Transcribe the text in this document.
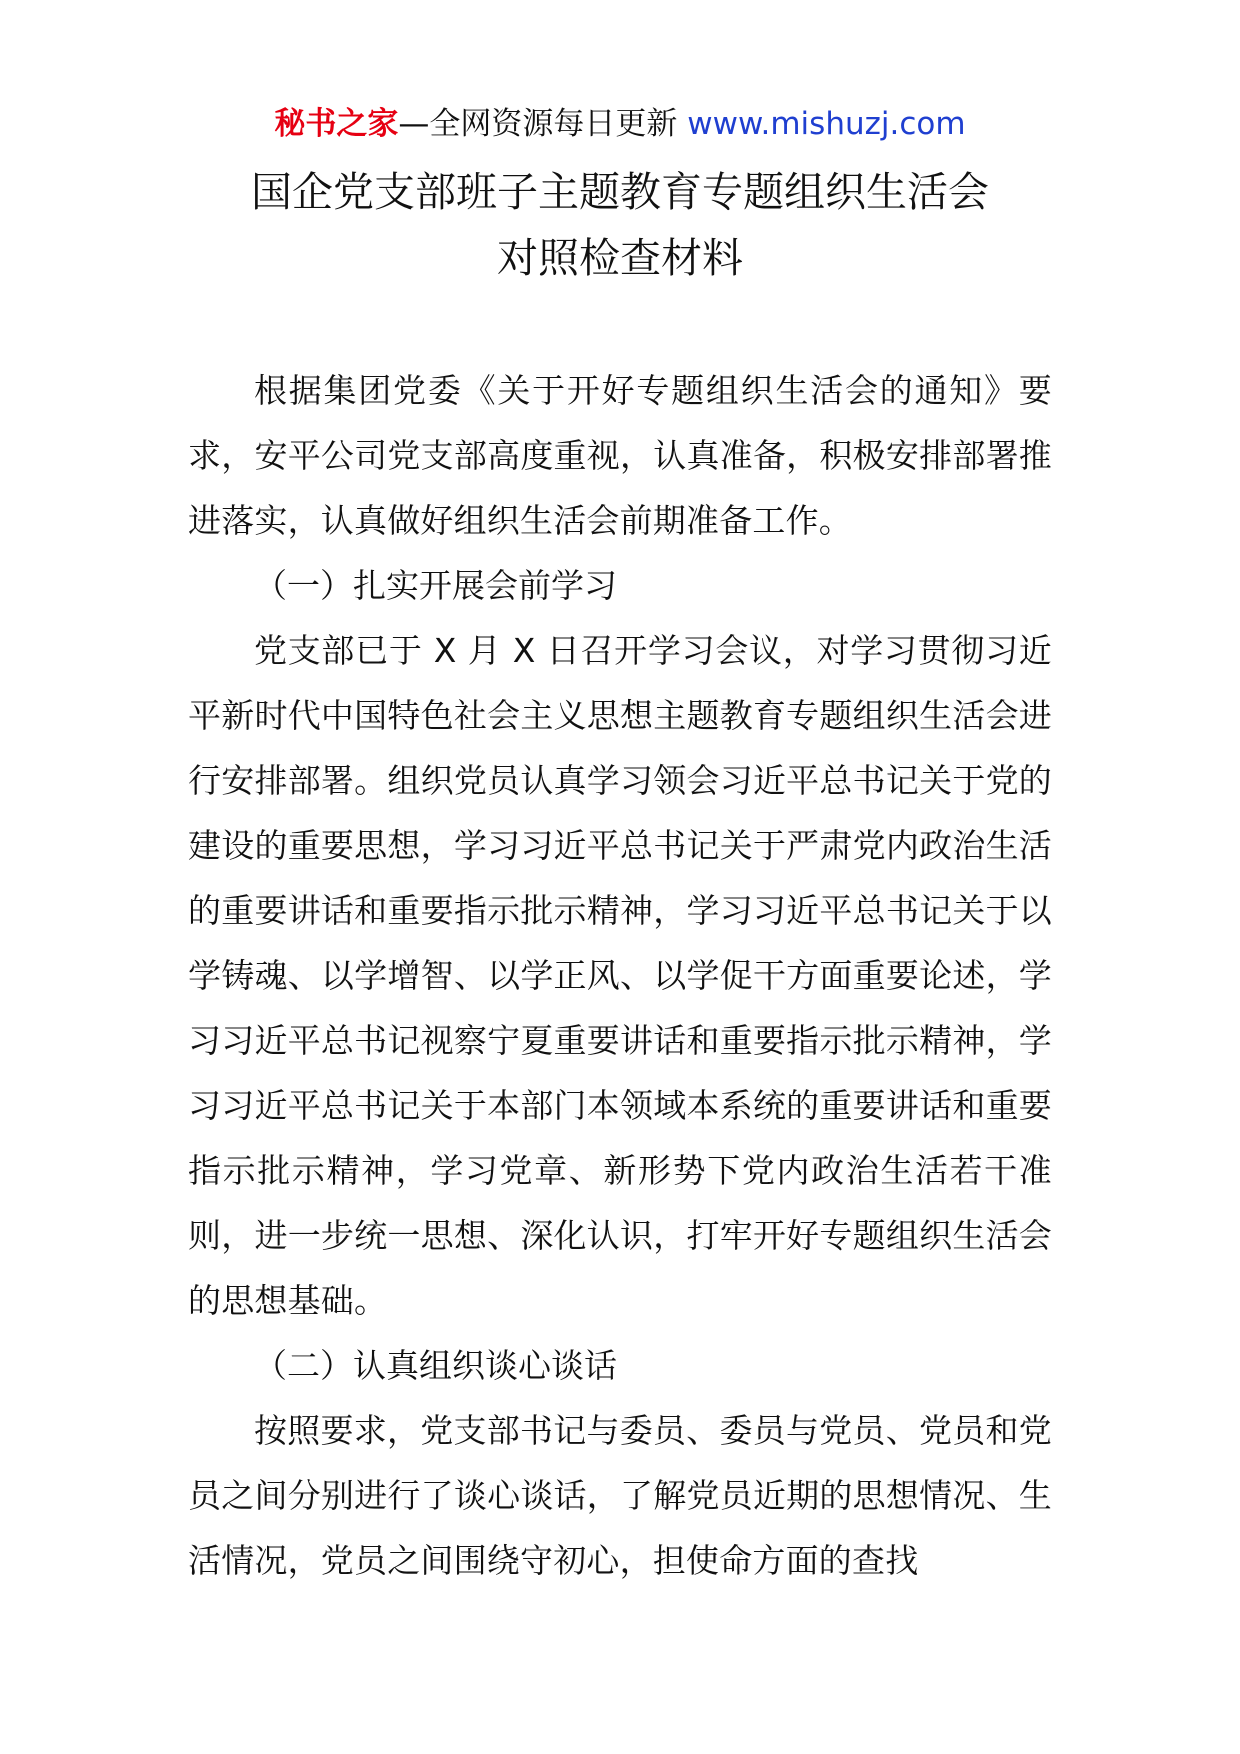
秘书之家—全网资源每日更新 www.mishuzj.com
国企党支部班子主题教育专题组织生活会
对照检查材料

根据集团党委《关于开好专题组织生活会的通知》要求，安平公司党支部高度重视，认真准备，积极安排部署推进落实，认真做好组织生活会前期准备工作。

（一）扎实开展会前学习

党支部已于 X 月 X 日召开学习会议，对学习贯彻习近平新时代中国特色社会主义思想主题教育专题组织生活会进行安排部署。组织党员认真学习领会习近平总书记关于党的建设的重要思想，学习习近平总书记关于严肃党内政治生活的重要讲话和重要指示批示精神，学习习近平总书记关于以学铸魂、以学增智、以学正风、以学促干方面重要论述，学习习近平总书记视察宁夏重要讲话和重要指示批示精神，学习习近平总书记关于本部门本领域本系统的重要讲话和重要指示批示精神，学习党章、新形势下党内政治生活若干准则，进一步统一思想、深化认识，打牢开好专题组织生活会的思想基础。

（二）认真组织谈心谈话

按照要求，党支部书记与委员、委员与党员、党员和党员之间分别进行了谈心谈话，了解党员近期的思想情况、生活情况，党员之间围绕守初心，担使命方面的查找
